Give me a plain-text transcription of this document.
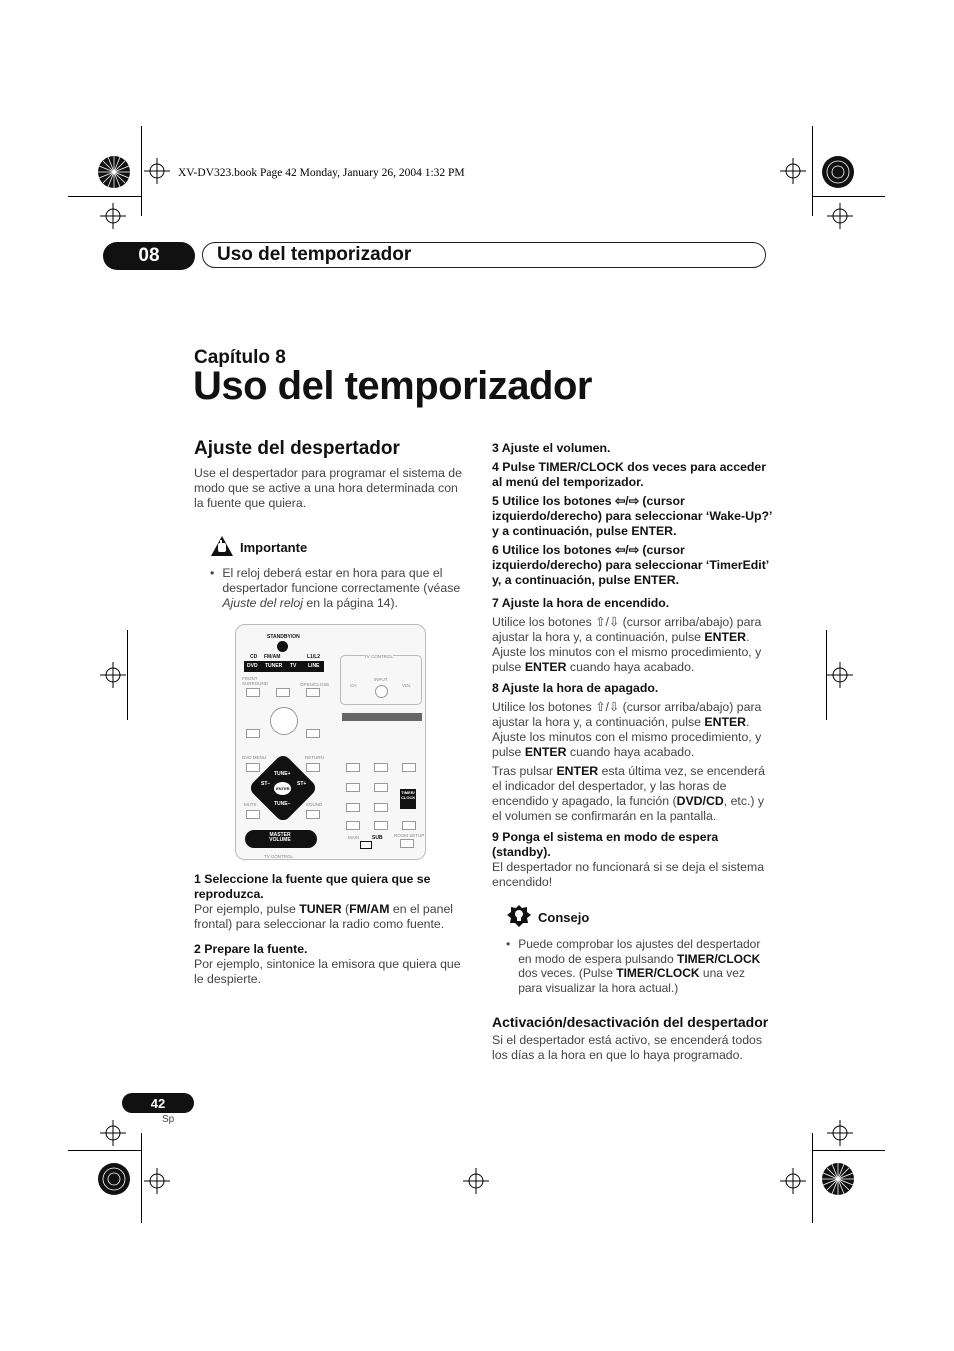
XV-DV323.book Page 42 Monday, January 26, 2004 1:32 PM
08	Uso del temporizador
Capítulo 8
Uso del temporizador
Ajuste del despertador

Use el despertador para programar el sistema de modo que se active a una hora determinada con la fuente que quiera.

Importante
• El reloj deberá estar en hora para que el despertador funcione correctamente (véase Ajuste del reloj en la página 14).

STANDBY/ON
CD FM/AM	L1/L2
DVD TUNER TV LINE
FRONT SURROUND	OPEN/CLOSE
DVD MENU	RETURN
TUNE+
ST–	ST+
ENTER
TUNE–
MUTE	SOUND
MASTER VOLUME
TV CONTROL
TV CONTROL
CH
INPUT
VOL
TIMER/ CLOCK
MAIN	SUB	ROOM SETUP
1 Seleccione la fuente que quiera que se reproduzca.

Por ejemplo, pulse TUNER (FM/AM en el panel frontal) para seleccionar la radio como fuente.

2 Prepare la fuente.

Por ejemplo, sintonice la emisora que quiera que le despierte.

3 Ajuste el volumen.
4 Pulse TIMER/CLOCK dos veces para acceder al menú del temporizador.
5 Utilice los botones ⇦/⇨ (cursor izquierdo/derecho) para seleccionar ‘Wake-Up?’ y a continuación, pulse ENTER.
6 Utilice los botones ⇦/⇨ (cursor izquierdo/derecho) para seleccionar ‘TimerEdit’ y, a continuación, pulse ENTER.
7 Ajuste la hora de encendido.

Utilice los botones ⇧/⇩ (cursor arriba/abajo) para ajustar la hora y, a continuación, pulse ENTER. Ajuste los minutos con el mismo procedimiento, y pulse ENTER cuando haya acabado.

8 Ajuste la hora de apagado.

Utilice los botones ⇧/⇩ (cursor arriba/abajo) para ajustar la hora y, a continuación, pulse ENTER. Ajuste los minutos con el mismo procedimiento, y pulse ENTER cuando haya acabado.

Tras pulsar ENTER esta última vez, se encenderá el indicador del despertador, y las horas de encendido y apagado, la función (DVD/CD, etc.) y el volumen se confirmarán en la pantalla.

9 Ponga el sistema en modo de espera (standby).

El despertador no funcionará si se deja el sistema encendido!

Consejo
• Puede comprobar los ajustes del despertador en modo de espera pulsando TIMER/CLOCK dos veces. (Pulse TIMER/CLOCK una vez para visualizar la hora actual.)

Activación/desactivación del despertador

Si el despertador está activo, se encenderá todos los días a la hora en que lo haya programado.

42
Sp
